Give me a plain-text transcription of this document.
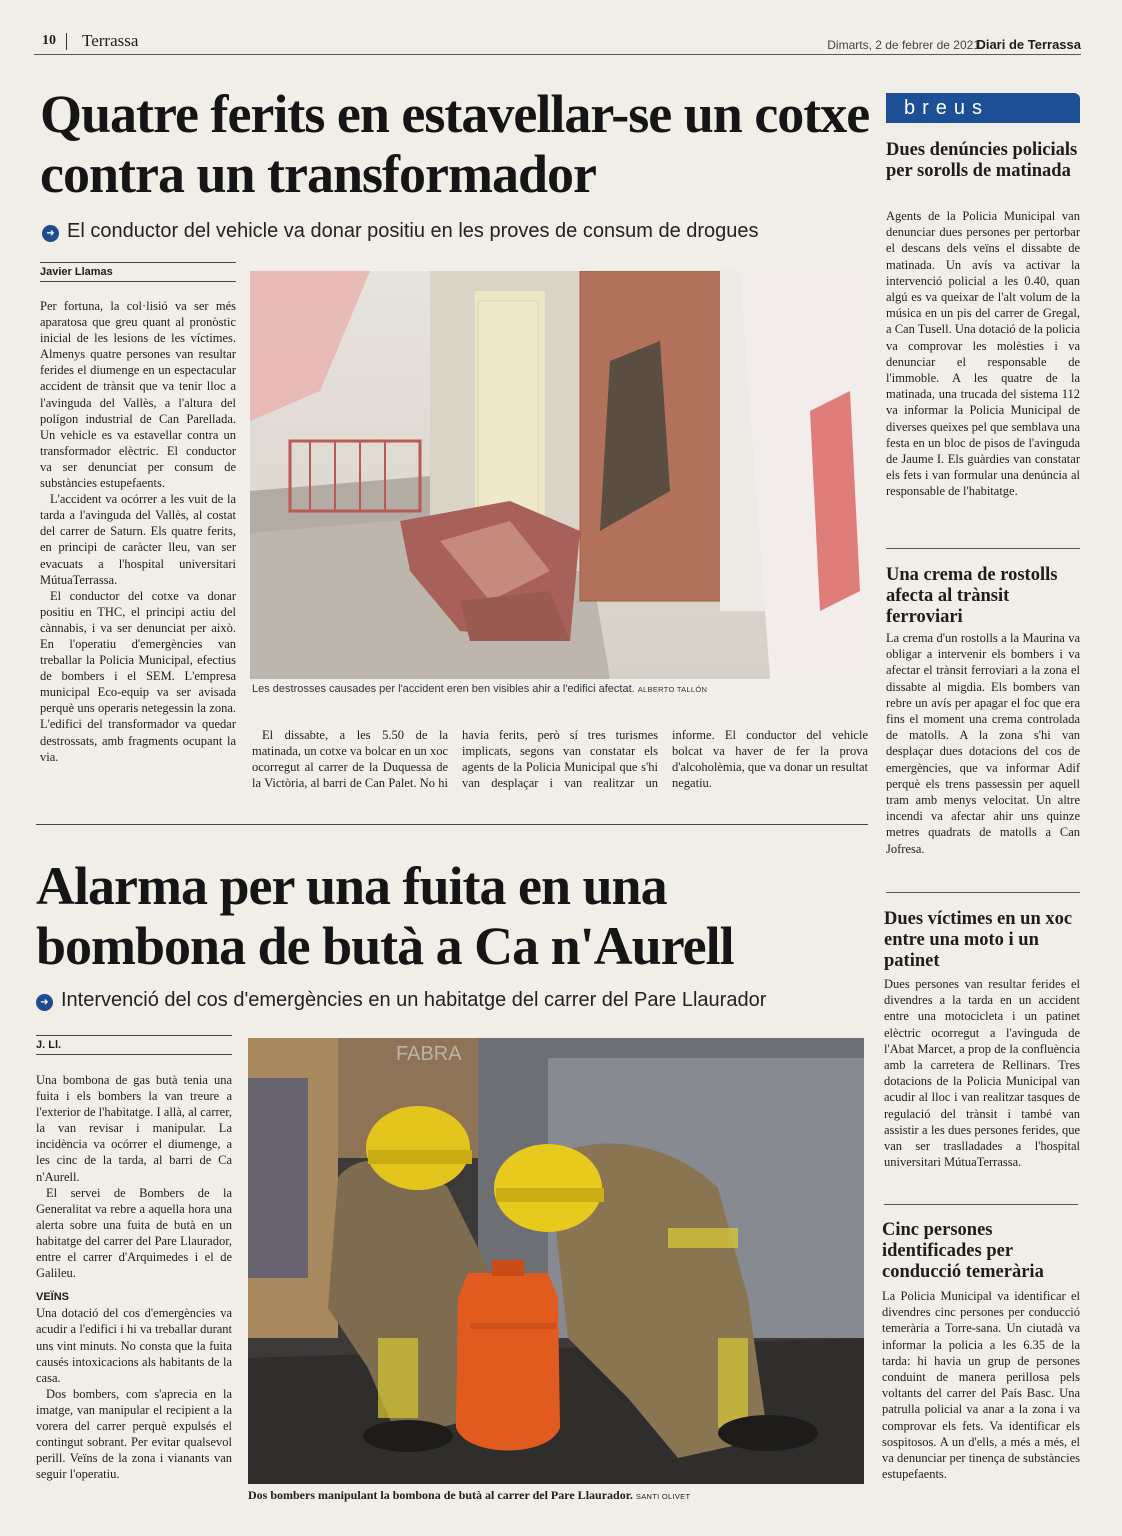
10 Terrassa	Dimarts, 2 de febrer de 2021
Diari de Terrassa
Quatre ferits en estavellar-se un cotxe contra un transformador
➜ El conductor del vehicle va donar positiu en les proves de consum de drogues
Javier Llamas

Per fortuna, la col·lisió va ser més aparatosa que greu quant al pronòstic inicial de les lesions de les víctimes. Almenys quatre persones van resultar ferides el diumenge en un espectacular accident de trànsit que va tenir lloc a l'avinguda del Vallès, a l'altura del polígon industrial de Can Parellada. Un vehicle es va estavellar contra un transformador elèctric. El conductor va ser denunciat per consum de substàncies estupefaents.

L'accident va ocórrer a les vuit de la tarda a l'avinguda del Vallès, al costat del carrer de Saturn. Els quatre ferits, en principi de caràcter lleu, van ser evacuats a l'hospital universitari MútuaTerrassa.

El conductor del cotxe va donar positiu en THC, el principi actiu del cànnabis, i va ser denunciat per això. En l'operatiu d'emergències van treballar la Policia Municipal, efectius de bombers i el SEM. L'empresa municipal Eco-equip va ser avisada perquè uns operaris netegessin la zona. L'edifici del transformador va quedar destrossats, amb fragments ocupant la via.

Les destrosses causades per l'accident eren ben visibles ahir a l'edifici afectat. ALBERTO TALLÓN

El dissabte, a les 5.50 de la matinada, un cotxe va bolcar en un xoc ocorregut al carrer de la Duquessa de la Victòria, al barri de Can Palet. No hi havia ferits, però sí tres turismes implicats, segons van constatar els agents de la Policia Municipal que s'hi van desplaçar i van realitzar un informe. El conductor del vehicle bolcat va haver de fer la prova d'alcoholèmia, que va donar un resultat negatiu.

Alarma per una fuita en una bombona de butà a Ca n'Aurell
➜ Intervenció del cos d'emergències en un habitatge del carrer del Pare Llaurador
J. Ll.

Una bombona de gas butà tenia una fuita i els bombers la van treure a l'exterior de l'habitatge. I allà, al carrer, la van revisar i manipular. La incidència va ocórrer el diumenge, a les cinc de la tarda, al barri de Ca n'Aurell.

El servei de Bombers de la Generalitat va rebre a aquella hora una alerta sobre una fuita de butà en un habitatge del carrer del Pare Llaurador, entre el carrer d'Arquimedes i el de Galileu.

VEÏNS

Una dotació del cos d'emergències va acudir a l'edifici i hi va treballar durant uns vint minuts. No consta que la fuita causés intoxicacions als habitants de la casa.

Dos bombers, com s'aprecia en la imatge, van manipular el recipient a la vorera del carrer perquè expulsés el contingut sobrant. Per evitar qualsevol perill. Veïns de la zona i vianants van seguir l'operatiu.

FABRA
Dos bombers manipulant la bombona de butà al carrer del Pare Llaurador. SANTI OLIVET
breus
Dues denúncies policials per sorolls de matinada
Agents de la Policia Municipal van denunciar dues persones per pertorbar el descans dels veïns el dissabte de matinada. Un avís va activar la intervenció policial a les 0.40, quan algú es va queixar de l'alt volum de la música en un pis del carrer de Gregal, a Can Tusell. Una dotació de la policia va comprovar les molèsties i va denunciar el responsable de l'immoble. A les quatre de la matinada, una trucada del sistema 112 va informar la Policia Municipal de diverses queixes pel que semblava una festa en un bloc de pisos de l'avinguda de Jaume I. Els guàrdies van constatar els fets i van formular una denúncia al responsable de l'habitatge.
Una crema de rostolls afecta al trànsit ferroviari
La crema d'un rostolls a la Maurina va obligar a intervenir els bombers i va afectar el trànsit ferroviari a la zona el dissabte al migdia. Els bombers van rebre un avís per apagar el foc que era fins el moment una crema controlada de matolls. A la zona s'hi van desplaçar dues dotacions del cos de emergències, que va informar Adif perquè els trens passessin per aquell tram amb menys velocitat. Un altre incendi va afectar ahir uns quinze metres quadrats de matolls a Can Jofresa.
Dues víctimes en un xoc entre una moto i un patinet
Dues persones van resultar ferides el divendres a la tarda en un accident entre una motocicleta i un patinet elèctric ocorregut a l'avinguda de l'Abat Marcet, a prop de la confluència amb la carretera de Rellinars. Tres dotacions de la Policia Municipal van acudir al lloc i van realitzar tasques de regulació del trànsit i també van assistir a les dues persones ferides, que van ser traslladades a l'hospital universitari MútuaTerrassa.
Cinc persones identificades per conducció temerària
La Policia Municipal va identificar el divendres cinc persones per conducció temerària a Torre-sana. Un ciutadà va informar la policia a les 6.35 de la tarda: hi havia un grup de persones conduint de manera perillosa pels voltants del carrer del País Basc. Una patrulla policial va anar a la zona i va comprovar els fets. Va identificar els sospitosos. A un d'ells, a més a més, el va denunciar per tinença de substàncies estupefaents.
